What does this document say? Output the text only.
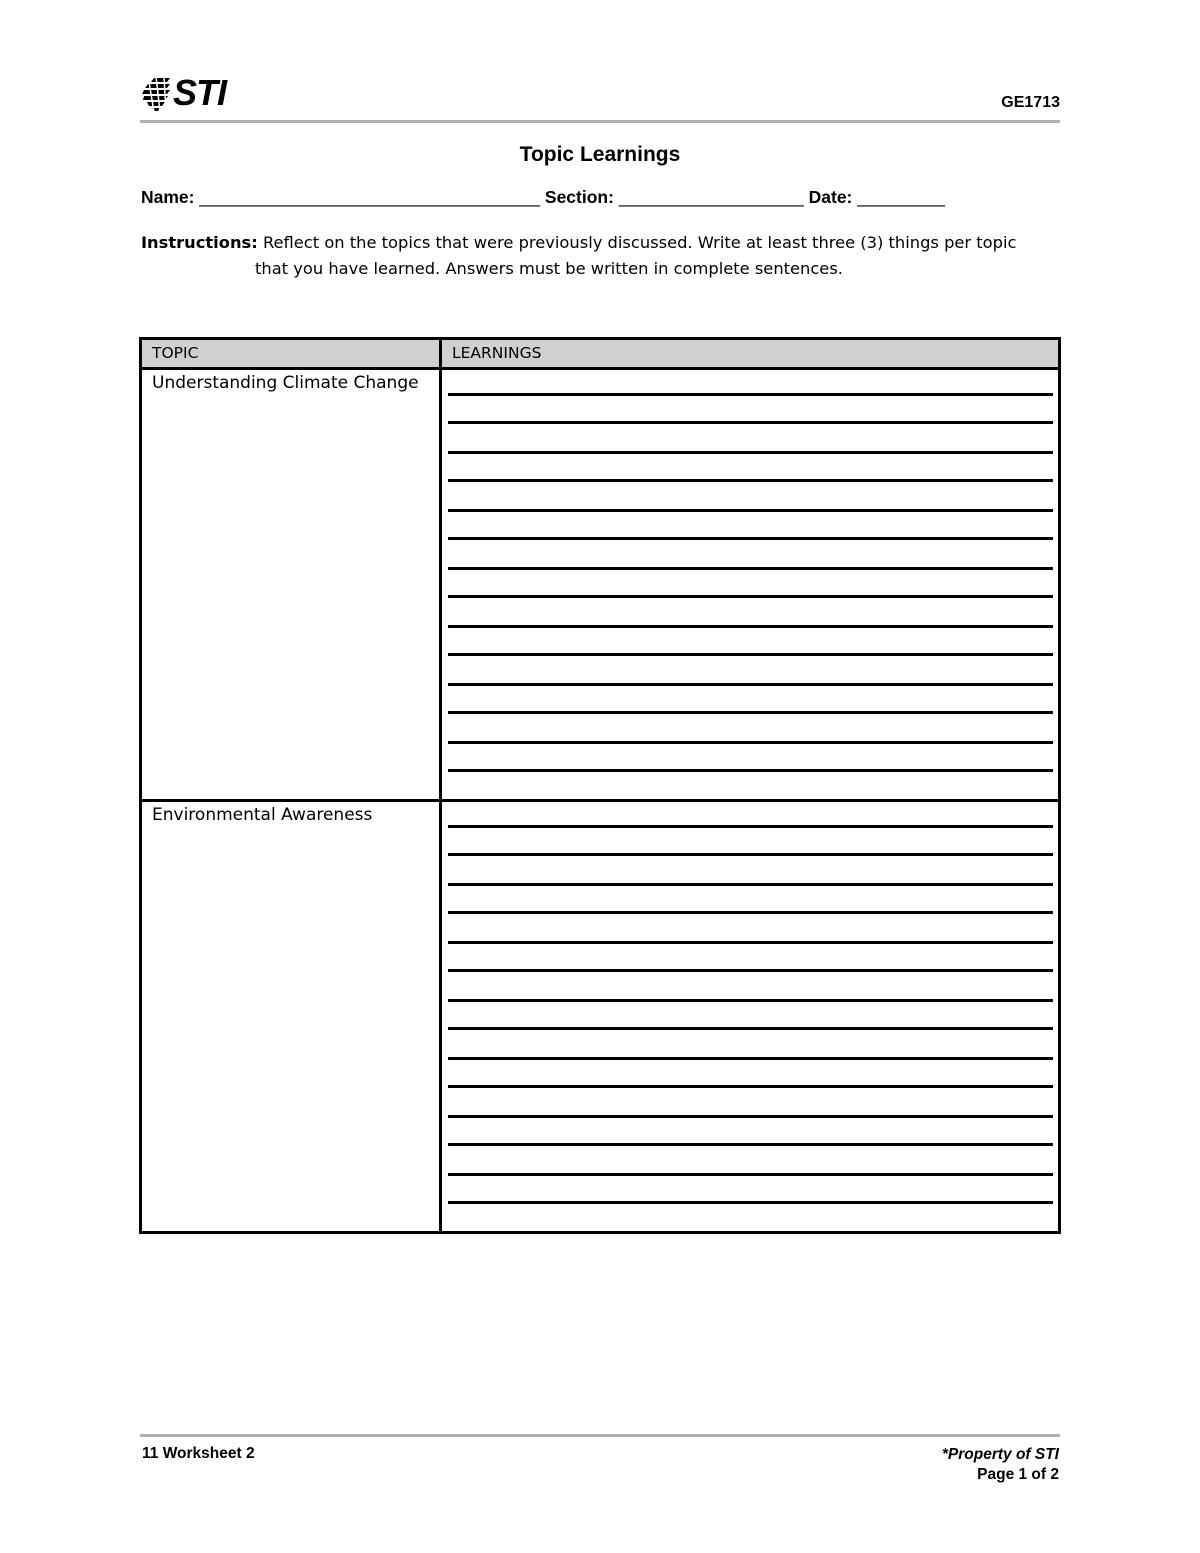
STI	GE1713
Topic Learnings
Name: ___________________________________ Section: ___________________ Date: _________
Instructions: Reflect on the topics that were previously discussed. Write at least three (3) things per topic
that you have learned. Answers must be written in complete sentences.
TOPIC	LEARNINGS
Understanding Climate Change	

Environmental Awareness	
11 Worksheet 2	*Property of STI
Page 1 of 2
